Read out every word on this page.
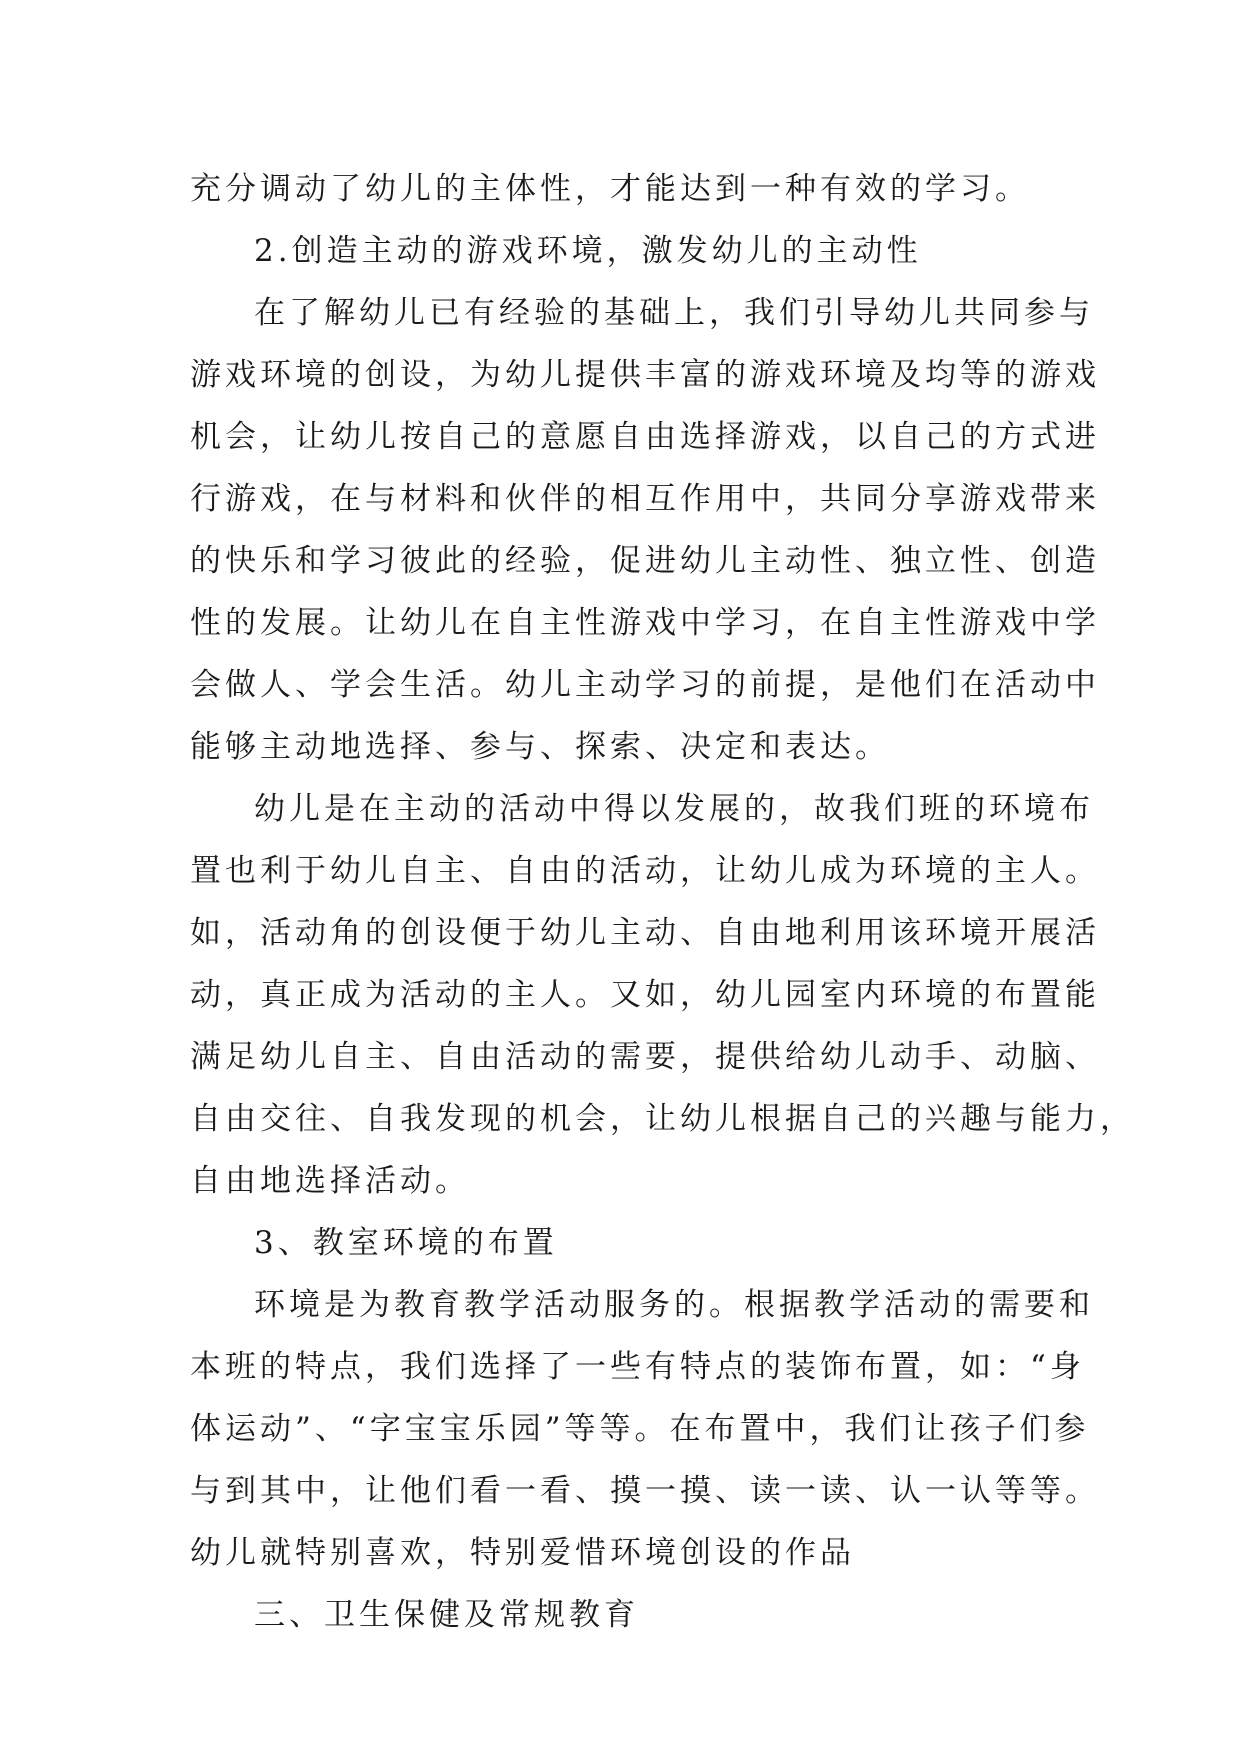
充分调动了幼儿的主体性，才能达到一种有效的学习。
2.创造主动的游戏环境，激发幼儿的主动性
在了解幼儿已有经验的基础上，我们引导幼儿共同参与
游戏环境的创设，为幼儿提供丰富的游戏环境及均等的游戏
机会，让幼儿按自己的意愿自由选择游戏，以自己的方式进
行游戏，在与材料和伙伴的相互作用中，共同分享游戏带来
的快乐和学习彼此的经验，促进幼儿主动性、独立性、创造
性的发展。让幼儿在自主性游戏中学习，在自主性游戏中学
会做人、学会生活。幼儿主动学习的前提，是他们在活动中
能够主动地选择、参与、探索、决定和表达。
幼儿是在主动的活动中得以发展的，故我们班的环境布
置也利于幼儿自主、自由的活动，让幼儿成为环境的主人。
如，活动角的创设便于幼儿主动、自由地利用该环境开展活
动，真正成为活动的主人。又如，幼儿园室内环境的布置能
满足幼儿自主、自由活动的需要，提供给幼儿动手、动脑、
自由交往、自我发现的机会，让幼儿根据自己的兴趣与能力，
自由地选择活动。
3、教室环境的布置
环境是为教育教学活动服务的。根据教学活动的需要和
本班的特点，我们选择了一些有特点的装饰布置，如：“身
体运动”、“字宝宝乐园”等等。在布置中，我们让孩子们参
与到其中，让他们看一看、摸一摸、读一读、认一认等等。
幼儿就特别喜欢，特别爱惜环境创设的作品
三、卫生保健及常规教育
